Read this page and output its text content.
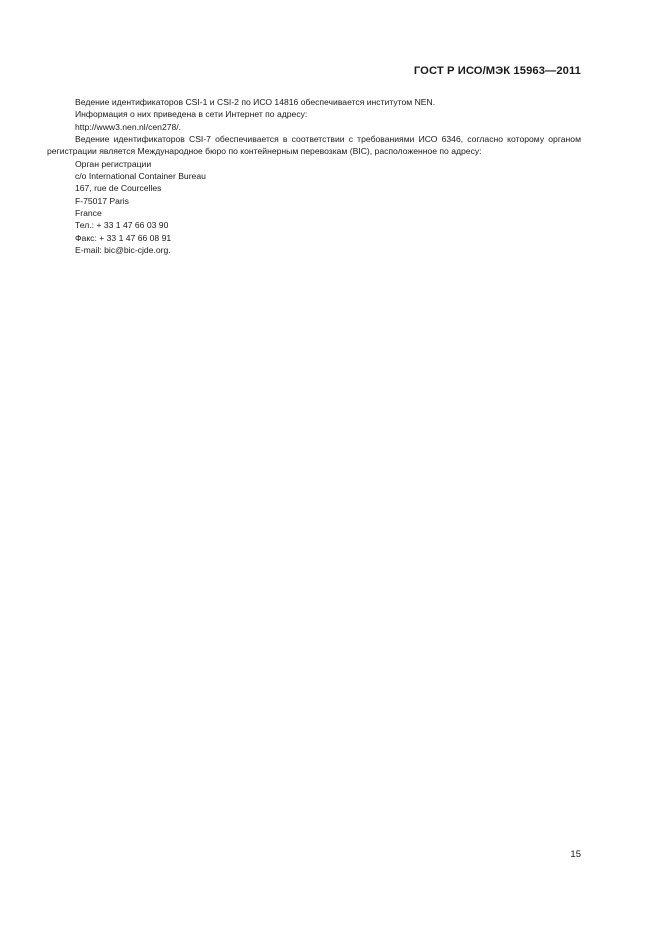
ГОСТ Р ИСО/МЭК 15963—2011

Ведение идентификаторов CSI-1 и CSI-2 по ИСО 14816 обеспечивается институтом NEN.

Информация о них приведена в сети Интернет по адресу:

http://www3.nen.nl/cen278/.

Ведение идентификаторов CSI-7 обеспечивается в соответствии с требованиями ИСО 6346, согласно которому органом регистрации является Международное бюро по контейнерным перевозкам (BIC), расположенное по адресу:

Орган регистрации

c/o International Container Bureau

167, rue de Courcelles

F-75017 Paris

France

Тел.: + 33 1 47 66 03 90

Факс: + 33 1 47 66 08 91

E-mail: bic@bic-cjde.org.

15
